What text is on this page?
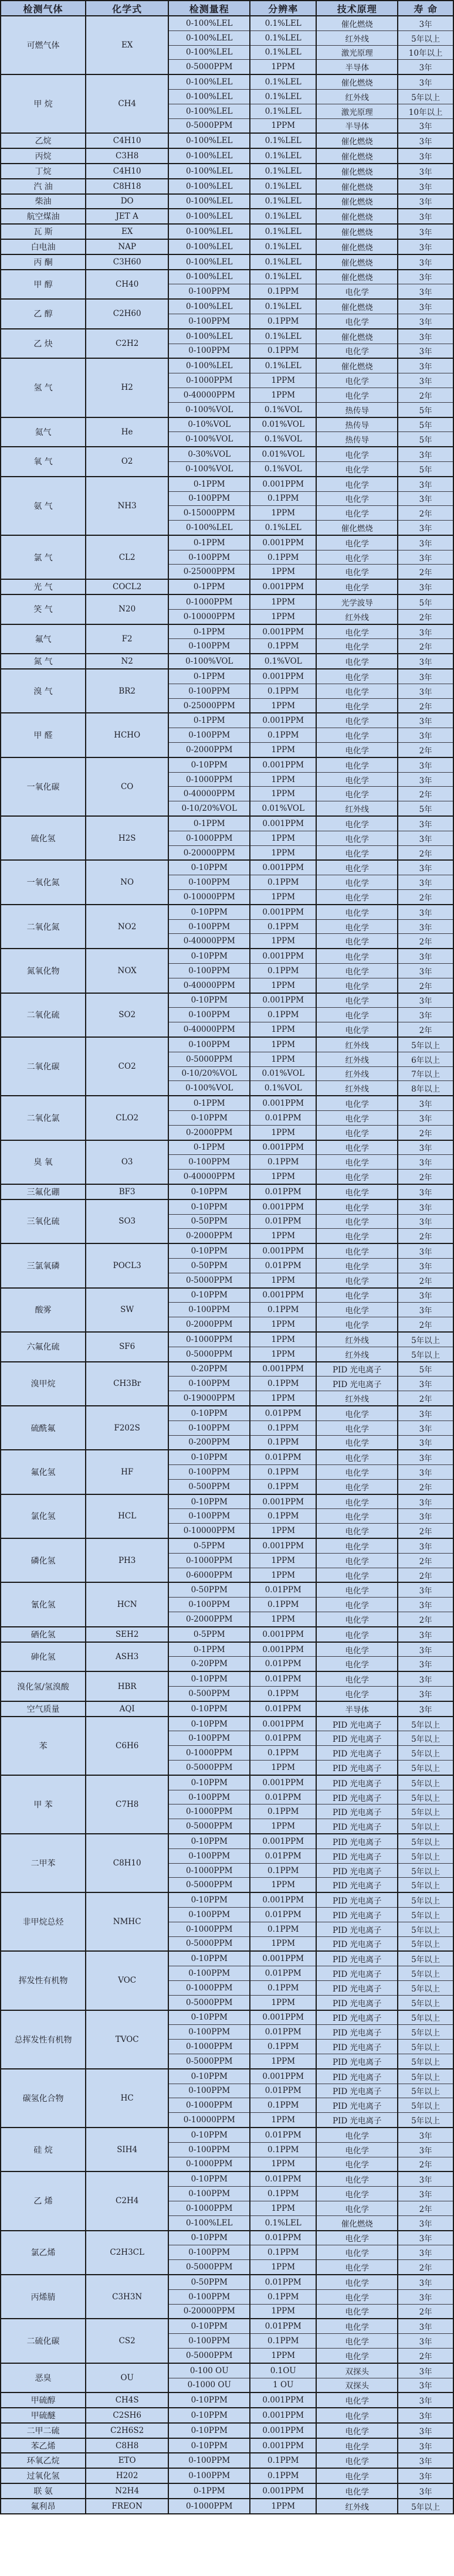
检测气体	化学式	检测量程	分辨率	技术原理	寿 命
可燃气体	EX	0-100%LEL	0.1%LEL	催化燃烧	3年
		0-100%LEL	0.1%LEL	红外线	5年以上
		0-100%LEL	0.1%LEL	激光原理	10年以上
		0-5000PPM	1PPM	半导体	3年
甲 烷	CH4	0-100%LEL	0.1%LEL	催化燃烧	3年
		0-100%LEL	0.1%LEL	红外线	5年以上
		0-100%LEL	0.1%LEL	激光原理	10年以上
		0-5000PPM	1PPM	半导体	3年
乙烷	C4H10	0-100%LEL	0.1%LEL	催化燃烧	3年
丙烷	C3H8	0-100%LEL	0.1%LEL	催化燃烧	3年
丁烷	C4H10	0-100%LEL	0.1%LEL	催化燃烧	3年
汽 油	C8H18	0-100%LEL	0.1%LEL	催化燃烧	3年
柴油	DO	0-100%LEL	0.1%LEL	催化燃烧	3年
航空煤油	JET A	0-100%LEL	0.1%LEL	催化燃烧	3年
瓦 斯	EX	0-100%LEL	0.1%LEL	催化燃烧	3年
白电油	NAP	0-100%LEL	0.1%LEL	催化燃烧	3年
丙 酮	C3H60	0-100%LEL	0.1%LEL	催化燃烧	3年
甲 醇	CH40	0-100%LEL	0.1%LEL	催化燃烧	3年
		0-100PPM	0.1PPM	电化学	3年
乙 醇	C2H60	0-100%LEL	0.1%LEL	催化燃烧	3年
		0-100PPM	0.1PPM	电化学	3年
乙 炔	C2H2	0-100%LEL	0.1%LEL	催化燃烧	3年
		0-100PPM	0.1PPM	电化学	3年
氢 气	H2	0-100%LEL	0.1%LEL	催化燃烧	3年
		0-1000PPM	1PPM	电化学	3年
		0-40000PPM	1PPM	电化学	2年
		0-100%VOL	0.1%VOL	热传导	5年
氦气	He	0-10%VOL	0.01%VOL	热传导	5年
		0-100%VOL	0.1%VOL	热传导	5年
氧 气	O2	0-30%VOL	0.01%VOL	电化学	3年
		0-100%VOL	0.1%VOL	电化学	5年
氨 气	NH3	0-1PPM	0.001PPM	电化学	3年
		0-100PPM	0.1PPM	电化学	3年
		0-15000PPM	1PPM	电化学	2年
		0-100%LEL	0.1%LEL	催化燃烧	3年
氯 气	CL2	0-1PPM	0.001PPM	电化学	3年
		0-100PPM	0.1PPM	电化学	3年
		0-25000PPM	1PPM	电化学	2年
光 气	COCL2	0-1PPM	0.001PPM	电化学	3年
笑 气	N20	0-1000PPM	1PPM	光学波导	5年
		0-10000PPM	1PPM	红外线	2年
氟气	F2	0-1PPM	0.001PPM	电化学	3年
		0-100PPM	0.1PPM	电化学	2年
氮 气	N2	0-100%VOL	0.1%VOL	电化学	3年
溴 气	BR2	0-1PPM	0.001PPM	电化学	3年
		0-100PPM	0.1PPM	电化学	3年
		0-25000PPM	1PPM	电化学	2年
甲 醛	HCHO	0-1PPM	0.001PPM	电化学	3年
		0-100PPM	0.1PPM	电化学	3年
		0-2000PPM	1PPM	电化学	2年
一氧化碳	CO	0-10PPM	0.001PPM	电化学	3年
		0-1000PPM	1PPM	电化学	3年
		0-40000PPM	1PPM	电化学	2年
		0-10/20%VOL	0.01%VOL	红外线	5年
硫化氢	H2S	0-1PPM	0.001PPM	电化学	3年
		0-1000PPM	1PPM	电化学	3年
		0-20000PPM	1PPM	电化学	2年
一氧化氮	NO	0-10PPM	0.001PPM	电化学	3年
		0-100PPM	0.1PPM	电化学	3年
		0-10000PPM	1PPM	电化学	2年
二氧化氮	NO2	0-10PPM	0.001PPM	电化学	3年
		0-100PPM	0.1PPM	电化学	3年
		0-40000PPM	1PPM	电化学	2年
氮氧化物	NOX	0-10PPM	0.001PPM	电化学	3年
		0-100PPM	0.1PPM	电化学	3年
		0-40000PPM	1PPM	电化学	2年
二氧化硫	SO2	0-10PPM	0.001PPM	电化学	3年
		0-100PPM	0.1PPM	电化学	3年
		0-40000PPM	1PPM	电化学	2年
二氧化碳	CO2	0-100PPM	1PPM	红外线	5年以上
		0-5000PPM	1PPM	红外线	6年以上
		0-10/20%VOL	0.01%VOL	红外线	7年以上
		0-100%VOL	0.1%VOL	红外线	8年以上
二氧化氯	CLO2	0-1PPM	0.001PPM	电化学	3年
		0-10PPM	0.01PPM	电化学	3年
		0-2000PPM	1PPM	电化学	2年
臭 氧	O3	0-1PPM	0.001PPM	电化学	3年
		0-100PPM	0.1PPM	电化学	3年
		0-40000PPM	1PPM	电化学	2年
三氟化硼	BF3	0-10PPM	0.01PPM	电化学	3年
三氧化硫	SO3	0-10PPM	0.001PPM	电化学	3年
		0-50PPM	0.01PPM	电化学	3年
		0-2000PPM	1PPM	电化学	2年
三氯氧磷	POCL3	0-10PPM	0.001PPM	电化学	3年
		0-50PPM	0.01PPM	电化学	3年
		0-5000PPM	1PPM	电化学	2年
酸雾	SW	0-10PPM	0.001PPM	电化学	3年
		0-100PPM	0.1PPM	电化学	3年
		0-2000PPM	1PPM	电化学	2年
六氟化硫	SF6	0-1000PPM	1PPM	红外线	5年以上
		0-5000PPM	1PPM	红外线	5年以上
溴甲烷	CH3Br	0-20PPM	0.001PPM	PID 光电离子	5年
		0-100PPM	0.1PPM	PID 光电离子	3年
		0-19000PPM	1PPM	红外线	2年
硫酰氟	F202S	0-10PPM	0.01PPM	电化学	3年
		0-100PPM	0.1PPM	电化学	3年
		0-200PPM	0.1PPM	电化学	3年
氟化氢	HF	0-10PPM	0.01PPM	电化学	3年
		0-100PPM	0.1PPM	电化学	3年
		0-500PPM	0.1PPM	电化学	2年
氯化氢	HCL	0-10PPM	0.001PPM	电化学	3年
		0-100PPM	0.1PPM	电化学	3年
		0-10000PPM	1PPM	电化学	2年
磷化氢	PH3	0-5PPM	0.001PPM	电化学	3年
		0-1000PPM	1PPM	电化学	2年
		0-6000PPM	1PPM	电化学	2年
氰化氢	HCN	0-50PPM	0.01PPM	电化学	3年
		0-100PPM	0.1PPM	电化学	3年
		0-2000PPM	1PPM	电化学	2年
硒化氢	SEH2	0-5PPM	0.001PPM	电化学	3年
砷化氢	ASH3	0-1PPM	0.001PPM	电化学	3年
		0-20PPM	0.01PPM	电化学	3年
溴化氢/氢溴酸	HBR	0-10PPM	0.01PPM	电化学	3年
		0-500PPM	0.1PPM	电化学	3年
空气质量	AQI	0-10PPM	0.01PPM	半导体	3年
苯	C6H6	0-10PPM	0.001PPM	PID 光电离子	5年以上
		0-100PPM	0.01PPM	PID 光电离子	5年以上
		0-1000PPM	0.1PPM	PID 光电离子	5年以上
		0-5000PPM	1PPM	PID 光电离子	5年以上
甲 苯	C7H8	0-10PPM	0.001PPM	PID 光电离子	5年以上
		0-100PPM	0.01PPM	PID 光电离子	5年以上
		0-1000PPM	0.1PPM	PID 光电离子	5年以上
		0-5000PPM	1PPM	PID 光电离子	5年以上
二甲苯	C8H10	0-10PPM	0.001PPM	PID 光电离子	5年以上
		0-100PPM	0.01PPM	PID 光电离子	5年以上
		0-1000PPM	0.1PPM	PID 光电离子	5年以上
		0-5000PPM	1PPM	PID 光电离子	5年以上
非甲烷总烃	NMHC	0-10PPM	0.001PPM	PID 光电离子	5年以上
		0-100PPM	0.01PPM	PID 光电离子	5年以上
		0-1000PPM	0.1PPM	PID 光电离子	5年以上
		0-5000PPM	1PPM	PID 光电离子	5年以上
挥发性有机物	VOC	0-10PPM	0.001PPM	PID 光电离子	5年以上
		0-100PPM	0.01PPM	PID 光电离子	5年以上
		0-1000PPM	0.1PPM	PID 光电离子	5年以上
		0-5000PPM	1PPM	PID 光电离子	5年以上
总挥发性有机物	TVOC	0-10PPM	0.001PPM	PID 光电离子	5年以上
		0-100PPM	0.01PPM	PID 光电离子	5年以上
		0-1000PPM	0.1PPM	PID 光电离子	5年以上
		0-5000PPM	1PPM	PID 光电离子	5年以上
碳氢化合物	HC	0-10PPM	0.001PPM	PID 光电离子	5年以上
		0-100PPM	0.01PPM	PID 光电离子	5年以上
		0-1000PPM	0.1PPM	PID 光电离子	5年以上
		0-10000PPM	1PPM	PID 光电离子	5年以上
硅 烷	SIH4	0-10PPM	0.01PPM	电化学	3年
		0-100PPM	0.1PPM	电化学	3年
		0-1000PPM	1PPM	电化学	2年
乙 烯	C2H4	0-10PPM	0.01PPM	电化学	3年
		0-100PPM	0.1PPM	电化学	3年
		0-1000PPM	1PPM	电化学	2年
		0-100%LEL	0.1%LEL	催化燃烧	3年
氯乙烯	C2H3CL	0-10PPM	0.01PPM	电化学	3年
		0-100PPM	0.1PPM	电化学	3年
		0-5000PPM	1PPM	电化学	2年
丙烯腈	C3H3N	0-50PPM	0.01PPM	电化学	3年
		0-100PPM	0.1PPM	电化学	3年
		0-20000PPM	1PPM	电化学	2年
二硫化碳	CS2	0-10PPM	0.01PPM	电化学	3年
		0-100PPM	0.1PPM	电化学	3年
		0-5000PPM	1PPM	电化学	2年
恶臭	OU	0-100 OU	0.1OU	双探头	3年
		0-1000 OU	1 OU	双探头	3年
甲硫醇	CH4S	0-10PPM	0.001PPM	电化学	3年
甲硫醚	C2SH6	0-10PPM	0.001PPM	电化学	3年
二甲二硫	C2H6S2	0-10PPM	0.001PPM	电化学	3年
苯乙烯	C8H8	0-10PPM	0.001PPM	电化学	3年
环氧乙烷	ETO	0-100PPM	0.1PPM	电化学	3年
过氧化氢	H202	0-100PPM	0.1PPM	电化学	3年
联 氨	N2H4	0-1PPM	0.001PPM	电化学	3年
氟利昂	FREON	0-1000PPM	1PPM	红外线	5年以上
